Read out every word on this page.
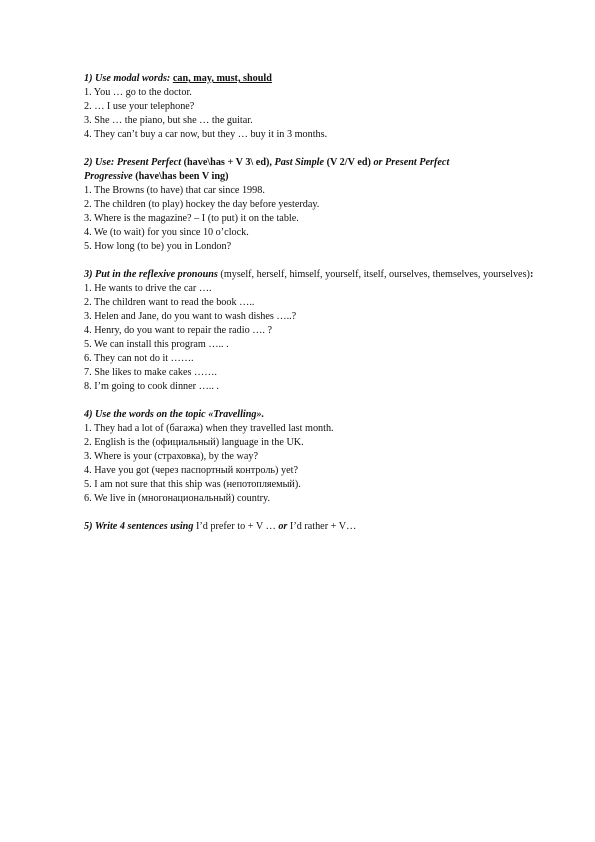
1) Use modal words: can, may, must, should
1. You … go to the doctor.
2. … I use your telephone?
3. She … the piano, but she … the guitar.
4. They can’t buy a car now, but they … buy it in 3 months.
2) Use: Present Perfect (have\has + V 3\ ed), Past Simple (V 2/V ed) or Present Perfect
Progressive (have\has been V ing)
1. The Browns (to have) that car since 1998.
2. The children (to play) hockey the day before yesterday.
3. Where is the magazine? – I (to put) it on the table.
4. We (to wait) for you since 10 o’clock.
5. How long (to be) you in London?
3) Put in the reflexive pronouns (myself, herself, himself, yourself, itself, ourselves, themselves, yourselves):
1. He wants to drive the car ….
2. The children want to read the book …..
3. Helen and Jane, do you want to wash dishes …..?
4. Henry, do you want to repair the radio …. ?
5. We can install this program ….. .
6. They can not do it …….
7. She likes to make cakes …….
8. I’m going to cook dinner ….. .
4) Use the words on the topic «Travelling».
1. They had a lot of (багажа) when they travelled last month.
2. English is the (официальный) language in the UK.
3. Where is your (страховка), by the way?
4. Have you got (через паспортный контроль) yet?
5. I am not sure that this ship was (непотопляемый).
6. We live in (многонациональный) country.
5) Write 4 sentences using I’d prefer to + V … or I’d rather + V…
